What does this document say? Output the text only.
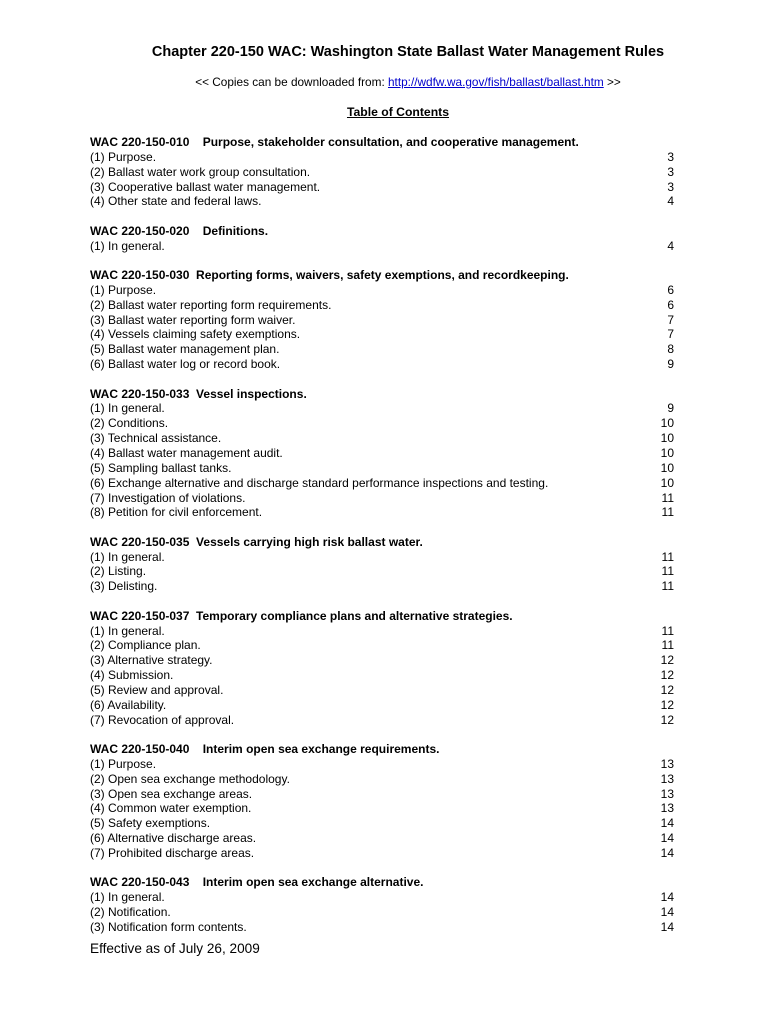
Chapter 220-150 WAC: Washington State Ballast Water Management Rules
<< Copies can be downloaded from: http://wdfw.wa.gov/fish/ballast/ballast.htm >>
Table of Contents
WAC 220-150-010    Purpose, stakeholder consultation, and cooperative management.
(1) Purpose.	3
(2) Ballast water work group consultation.	3
(3) Cooperative ballast water management.	3
(4) Other state and federal laws.	4
WAC 220-150-020    Definitions.
(1) In general.	4
WAC 220-150-030  Reporting forms, waivers, safety exemptions, and recordkeeping.
(1) Purpose.	6
(2) Ballast water reporting form requirements.	6
(3) Ballast water reporting form waiver.	7
(4) Vessels claiming safety exemptions.	7
(5) Ballast water management plan.	8
(6) Ballast water log or record book.	9
WAC 220-150-033  Vessel inspections.
(1) In general.	9
(2) Conditions.	10
(3) Technical assistance.	10
(4) Ballast water management audit.	10
(5) Sampling ballast tanks.	10
(6) Exchange alternative and discharge standard performance inspections and testing.	10
(7) Investigation of violations.	11
(8) Petition for civil enforcement.	11
WAC 220-150-035  Vessels carrying high risk ballast water.
(1) In general.	11
(2) Listing.	11
(3) Delisting.	11
WAC 220-150-037  Temporary compliance plans and alternative strategies.
(1) In general.	11
(2) Compliance plan.	11
(3) Alternative strategy.	12
(4) Submission.	12
(5) Review and approval.	12
(6) Availability.	12
(7) Revocation of approval.	12
WAC 220-150-040    Interim open sea exchange requirements.
(1) Purpose.	13
(2) Open sea exchange methodology.	13
(3) Open sea exchange areas.	13
(4) Common water exemption.	13
(5) Safety exemptions.	14
(6) Alternative discharge areas.	14
(7) Prohibited discharge areas.	14
WAC 220-150-043    Interim open sea exchange alternative.
(1) In general.	14
(2) Notification.	14
(3) Notification form contents.	14
Effective as of July 26, 2009
